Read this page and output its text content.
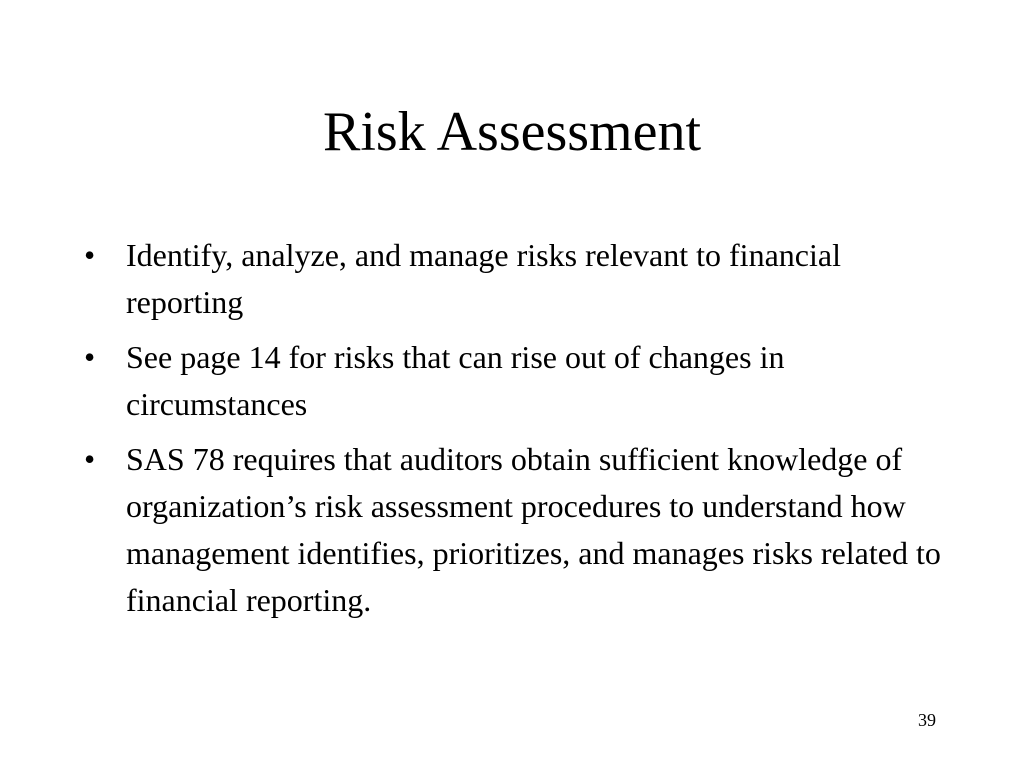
Risk Assessment
• Identify, analyze, and manage risks relevant to financial reporting
• See page 14 for risks that can rise out of changes in circumstances
• SAS 78 requires that auditors obtain sufficient knowledge of organization’s risk assessment procedures to understand how management identifies, prioritizes, and manages risks related to financial reporting.
39
